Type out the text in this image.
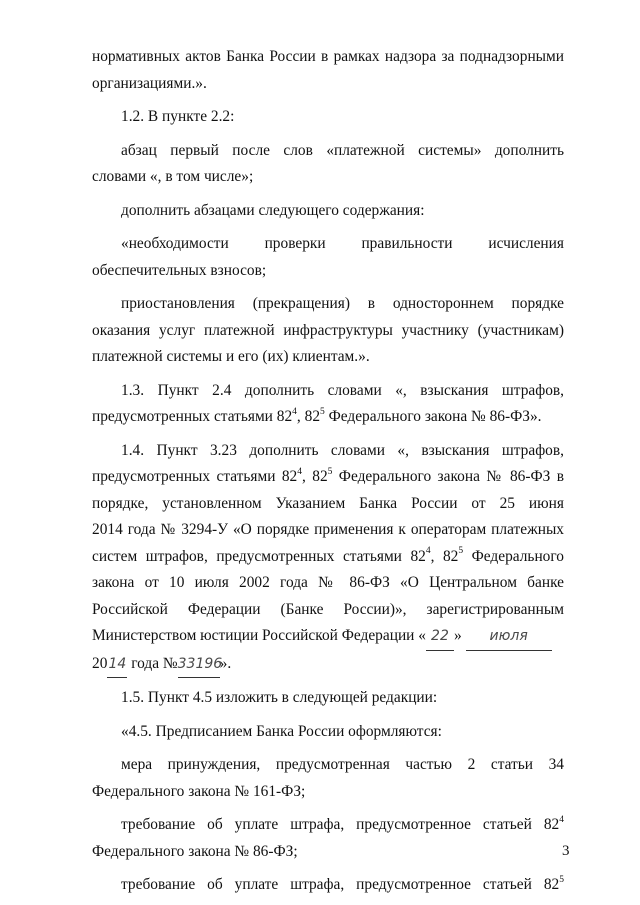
нормативных актов Банка России в рамках надзора за поднадзорными организациями.».

1.2. В пункте 2.2:

абзац первый после слов «платежной системы» дополнить словами «, в том числе»;

дополнить абзацами следующего содержания:

«необходимости проверки правильности исчисления

обеспечительных взносов;

приостановления (прекращения) в одностороннем порядке оказания услуг платежной инфраструктуры участнику (участникам) платежной системы и его (их) клиентам.».

1.3. Пункт 2.4 дополнить словами «, взыскания штрафов,

предусмотренных статьями $82^4$, $82^5$ Федерального закона № 86-ФЗ».

1.4. Пункт 3.23 дополнить словами «, взыскания штрафов,

предусмотренных статьями $82^4$, $82^5$ Федерального закона № 86-ФЗ в

порядке, установленном Указанием Банка России от 25 июня

2014 года № 3294-У «О порядке применения к операторам платежных

систем штрафов, предусмотренных статьями $82^4$, $82^5$ Федерального

закона от 10 июля 2002 года № 86-ФЗ «О Центральном банке

Российской Федерации (Банке России)», зарегистрированным

Министерством юстиции Российской Федерации « 22 » июля

2014 года №33196».

1.5. Пункт 4.5 изложить в следующей редакции:

«4.5. Предписанием Банка России оформляются:

мера принуждения, предусмотренная частью 2 статьи 34

Федерального закона № 161-ФЗ;

требование об уплате штрафа, предусмотренное статьей $82^4$

Федерального закона № 86-ФЗ;

требование об уплате штрафа, предусмотренное статьей $82^5$

3
